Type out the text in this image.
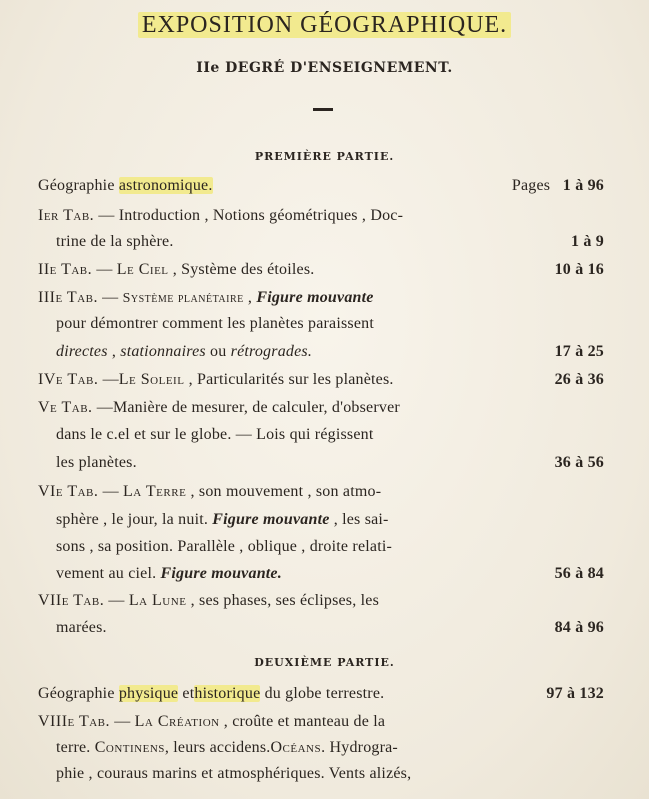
EXPOSITION GÉOGRAPHIQUE.
IIe DEGRÉ D'ENSEIGNEMENT.
PREMIÈRE PARTIE.
Géographie astronomique.	Pages 1 à 96
Ier Tab. — Introduction , Notions géométriques , Doc-
trine de la sphère.	1 à 9
IIe Tab. — Le Ciel , Système des étoiles.	10 à 16
IIIe Tab. — Système planétaire , Figure mouvante
pour démontrer comment les planètes paraissent
directes , stationnaires ou rétrogrades.	17 à 25
IVe Tab. —Le Soleil , Particularités sur les planètes.	26 à 36
Ve Tab. —Manière de mesurer, de calculer, d'observer
dans le c.el et sur le globe. — Lois qui régissent
les planètes.	36 à 56
VIe Tab. — La Terre , son mouvement , son atmo-
sphère , le jour, la nuit. Figure mouvante , les sai-
sons , sa position. Parallèle , oblique , droite relati-
vement au ciel. Figure mouvante.	56 à 84
VIIe Tab. — La Lune , ses phases, ses éclipses, les
marées.	84 à 96
DEUXIÈME PARTIE.
Géographie physique ethistorique du globe terrestre.	97 à 132
VIIIe Tab. — La Création , croûte et manteau de la
terre. Continens, leurs accidens.Océans. Hydrogra-
phie , couraus marins et atmosphériques. Vents alizés,
